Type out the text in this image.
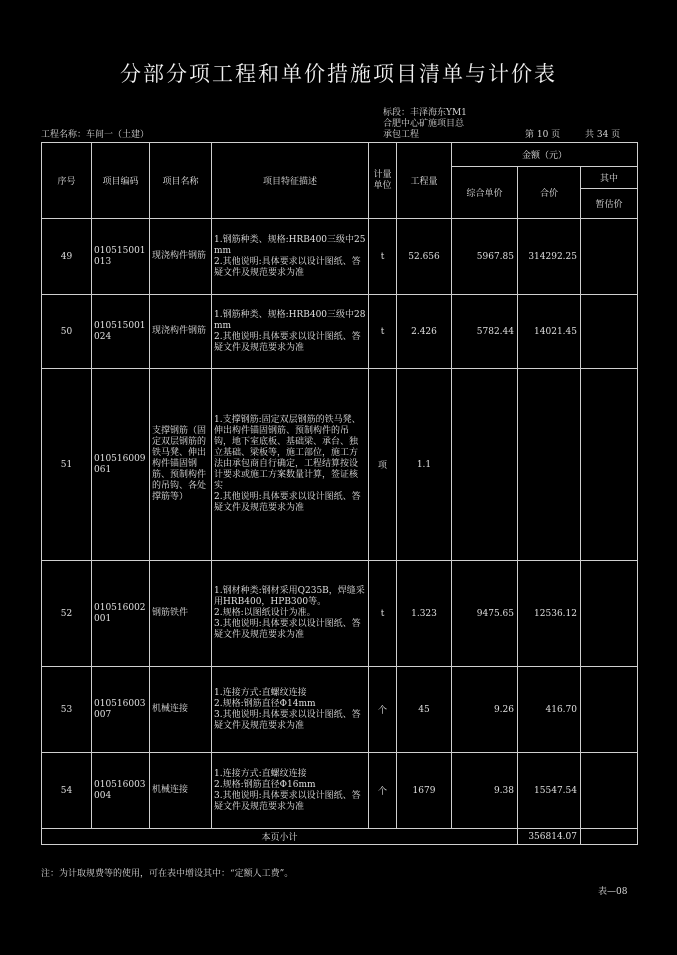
分部分项工程和单价措施项目清单与计价表
工程名称：车间一（土建）
标段：丰泽海东YM1
合肥中心矿施项目总
承包工程	第 10 页	共 34 页
序号	项目编码	项目名称	项目特征描述	计量单位	工程量	金额（元）		
						综合单价	合价	其中
								暂估价
49	010515001013	现浇构件钢筋	1.钢筋种类、规格:HRB400三级中25mm
2.其他说明:具体要求以设计图纸、答疑文件及规范要求为准	t	52.656	5967.85	314292.25	
50	010515001024	现浇构件钢筋	1.钢筋种类、规格:HRB400三级中28mm
2.其他说明:具体要求以设计图纸、答疑文件及规范要求为准	t	2.426	5782.44	14021.45	
51	010516009061	支撑钢筋（固定双层钢筋的铁马凳、伸出构件锚固钢筋、预制构件的吊钩、各处撑筋等）	1.支撑钢筋:固定双层钢筋的铁马凳、伸出构件锚固钢筋、预制构件的吊钩，地下室底板、基础梁、承台、独立基础、梁板等，施工部位，施工方法由承包商自行确定，工程结算按设计要求或施工方案数量计算，签证核实
2.其他说明:具体要求以设计图纸、答疑文件及规范要求为准	项	1.1			
52	010516002001	钢筋铁件	1.钢材种类:钢材采用Q235B，焊缝采用HRB400，HPB300等。
2.规格:以图纸设计为准。
3.其他说明:具体要求以设计图纸、答疑文件及规范要求为准	t	1.323	9475.65	12536.12	
53	010516003007	机械连接	1.连接方式:直螺纹连接
2.规格:钢筋直径Φ14mm
3.其他说明:具体要求以设计图纸、答疑文件及规范要求为准	个	45	9.26	416.70	
54	010516003004	机械连接	1.连接方式:直螺纹连接
2.规格:钢筋直径Φ16mm
3.其他说明:具体要求以设计图纸、答疑文件及规范要求为准	个	1679	9.38	15547.54	
本页小计							356814.07	
注：为计取规费等的使用，可在表中增设其中：“定额人工费”。
表—08
